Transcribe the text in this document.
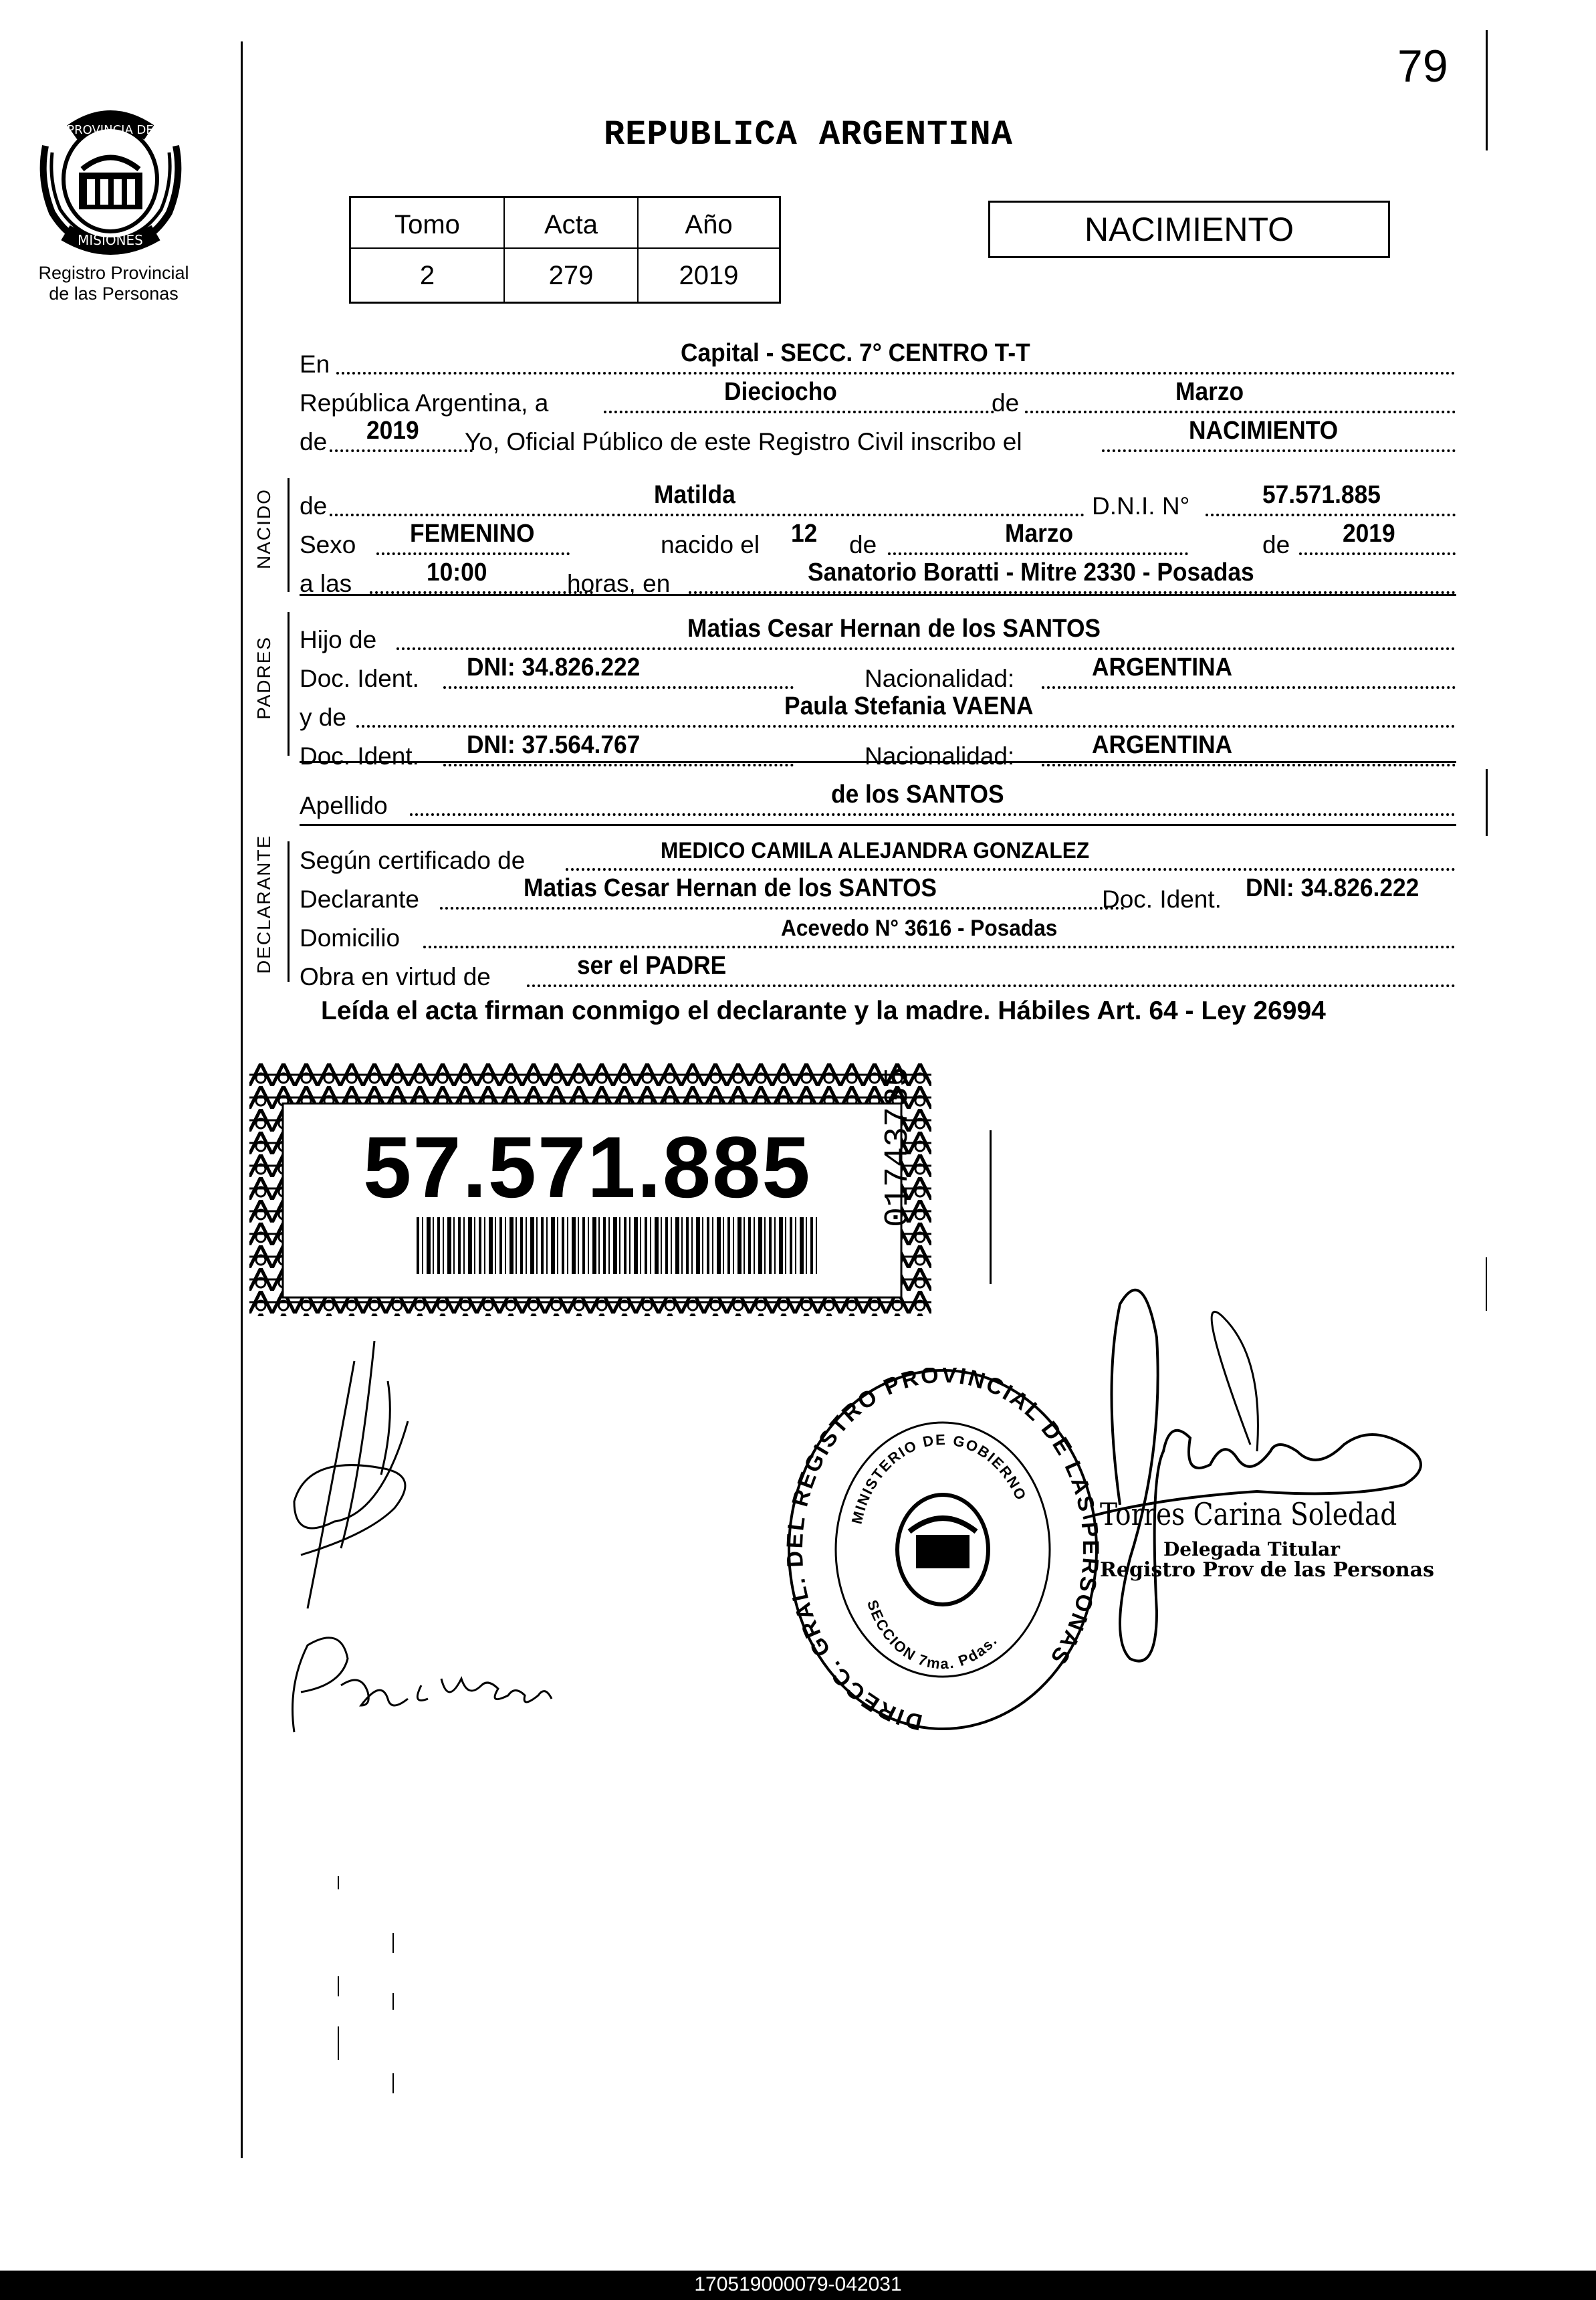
79
PROVINCIA DE
MISIONES
Registro Provincial
de las Personas
REPUBLICA ARGENTINA
Tomo	Acta	Año
2	279	2019
NACIMIENTO
En	Capital - SECC. 7° CENTRO T-T
República Argentina, a	Dieciocho	de	Marzo
de 2019 Yo, Oficial Público de este Registro Civil inscribo el	NACIMIENTO
NACIDO de	Matilda	D.N.I. N°	57.571.885
Sexo FEMENINO	nacido el 12 de	Marzo	de 2019
a las	10:00	horas, en	Sanatorio Boratti - Mitre 2330 - Posadas
PADRES Hijo de	Matias Cesar Hernan de los SANTOS
Doc. Ident. DNI: 34.826.222	Nacionalidad:	ARGENTINA
y de	Paula Stefania VAENA
Doc. Ident. DNI: 37.564.767	Nacionalidad:	ARGENTINA
Apellido	de los SANTOS
DECLARANTE Según certificado de	MEDICO CAMILA ALEJANDRA GONZALEZ
Declarante	Matias Cesar Hernan de los SANTOS	Doc. Ident. DNI: 34.826.222
Domicilio	Acevedo N° 3616 - Posadas
Obra en virtud de	ser el PADRE
Leída el acta firman conmigo el declarante y la madre. Hábiles Art. 64 - Ley 26994
57.571.885 01743735
Torres Carina Soledad
Delegada Titular
Registro Prov de las Personas
DIRECC. GRAL. L REGISTRO PROVINCIAL DE LAS SONAS
MINISTERIO DE GOBIERNO
SECCION 7ma. Pdas.
170519000079-042031
